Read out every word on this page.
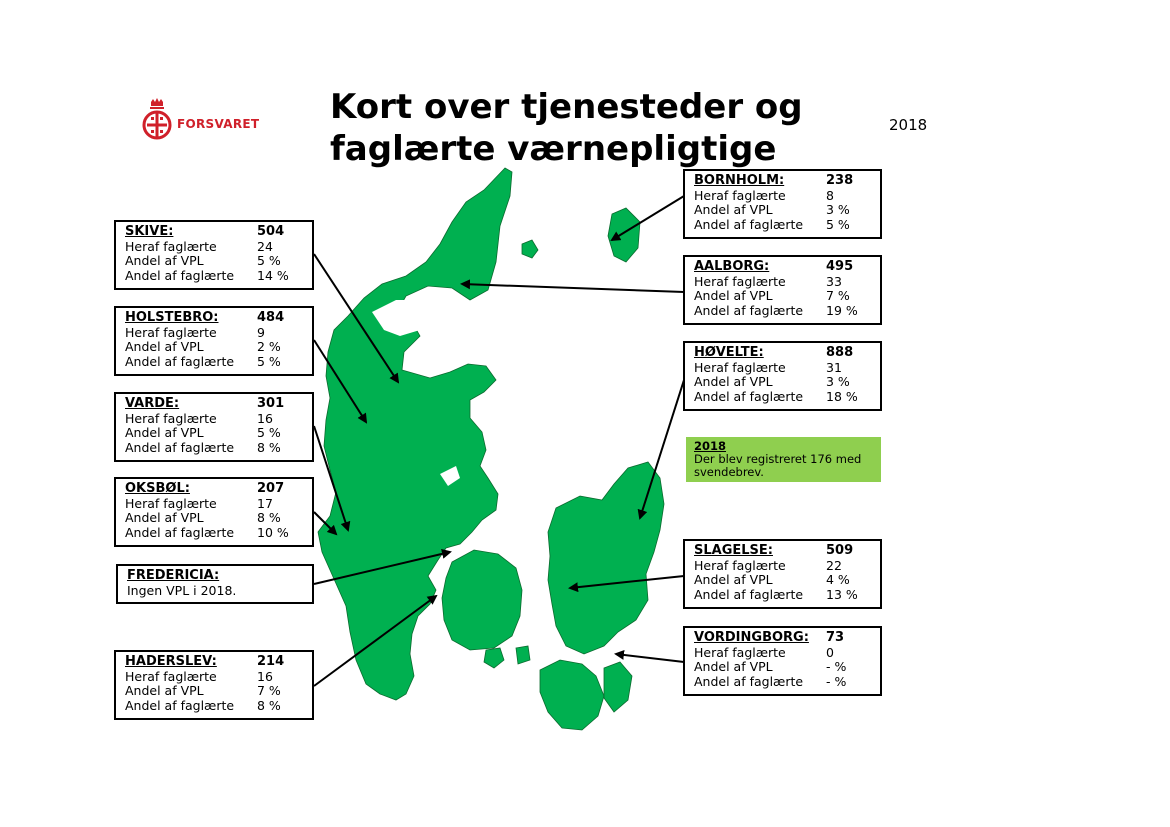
FORSVARET Kort over tjenesteder og
faglærte værnepligtige
2018
SKIVE:	504
Heraf faglærte	24
Andel af VPL	5 %
Andel af faglærte	14 %
HOLSTEBRO:	484
Heraf faglærte	9
Andel af VPL	2 %
Andel af faglærte	5 %
VARDE:	301
Heraf faglærte	16
Andel af VPL	5 %
Andel af faglærte	8 %
OKSBØL:	207
Heraf faglærte	17
Andel af VPL	8 %
Andel af faglærte	10 %
FREDERICIA:
Ingen VPL i 2018.
HADERSLEV:	214
Heraf faglærte	16
Andel af VPL	7 %
Andel af faglærte	8 %
BORNHOLM:	238
Heraf faglærte	8
Andel af VPL	3 %
Andel af faglærte	5 %
AALBORG:	495
Heraf faglærte	33
Andel af VPL	7 %
Andel af faglærte	19 %
HØVELTE:	888
Heraf faglærte	31
Andel af VPL	3 %
Andel af faglærte	18 %
2018
Der blev registreret 176 med svendebrev.
SLAGELSE:	509
Heraf faglærte	22
Andel af VPL	4 %
Andel af faglærte	13 %
VORDINGBORG:	73
Heraf faglærte	0
Andel af VPL	- %
Andel af faglærte	- %
